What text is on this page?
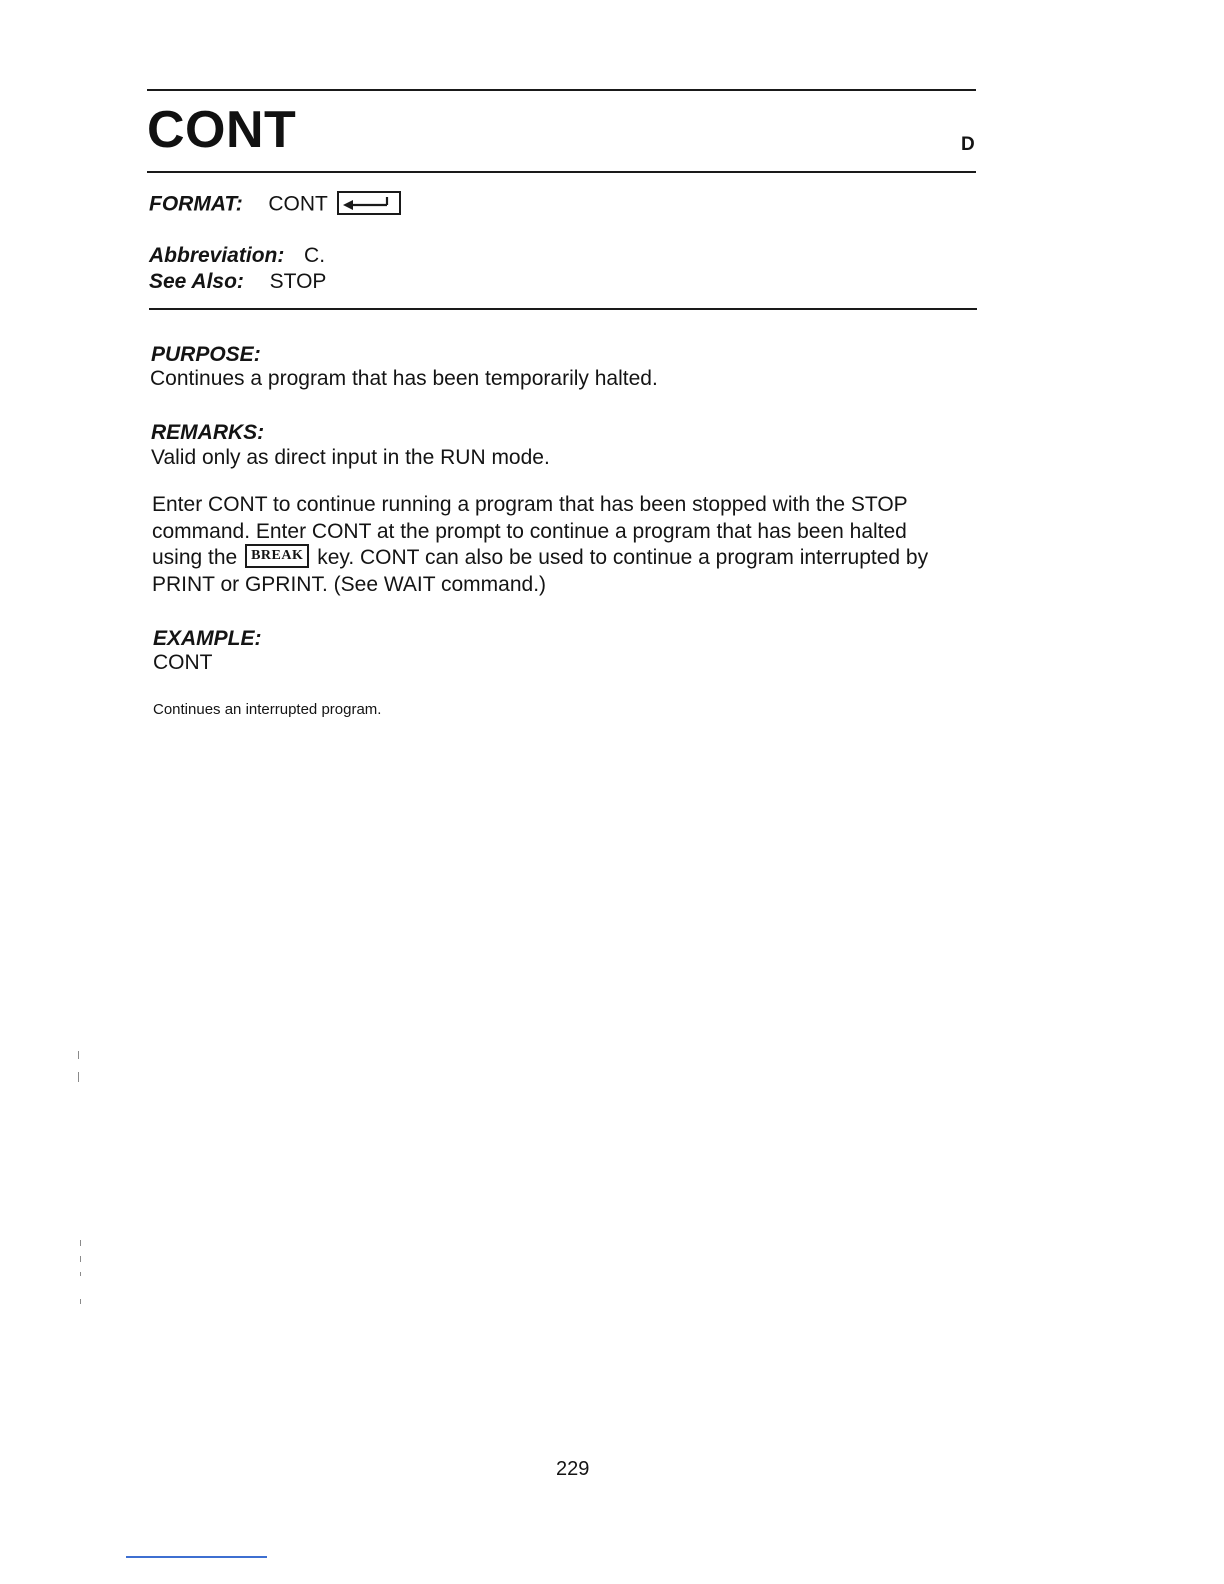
CONT	D
FORMAT: CONT
Abbreviation: C.
See Also: STOP
PURPOSE:
Continues a program that has been temporarily halted.
REMARKS:
Valid only as direct input in the RUN mode.
Enter CONT to continue running a program that has been stopped with the STOP
command. Enter CONT at the prompt to continue a program that has been halted
using the BREAK key. CONT can also be used to continue a program interrupted by
PRINT or GPRINT. (See WAIT command.)
EXAMPLE:
CONT
Continues an interrupted program.
229
